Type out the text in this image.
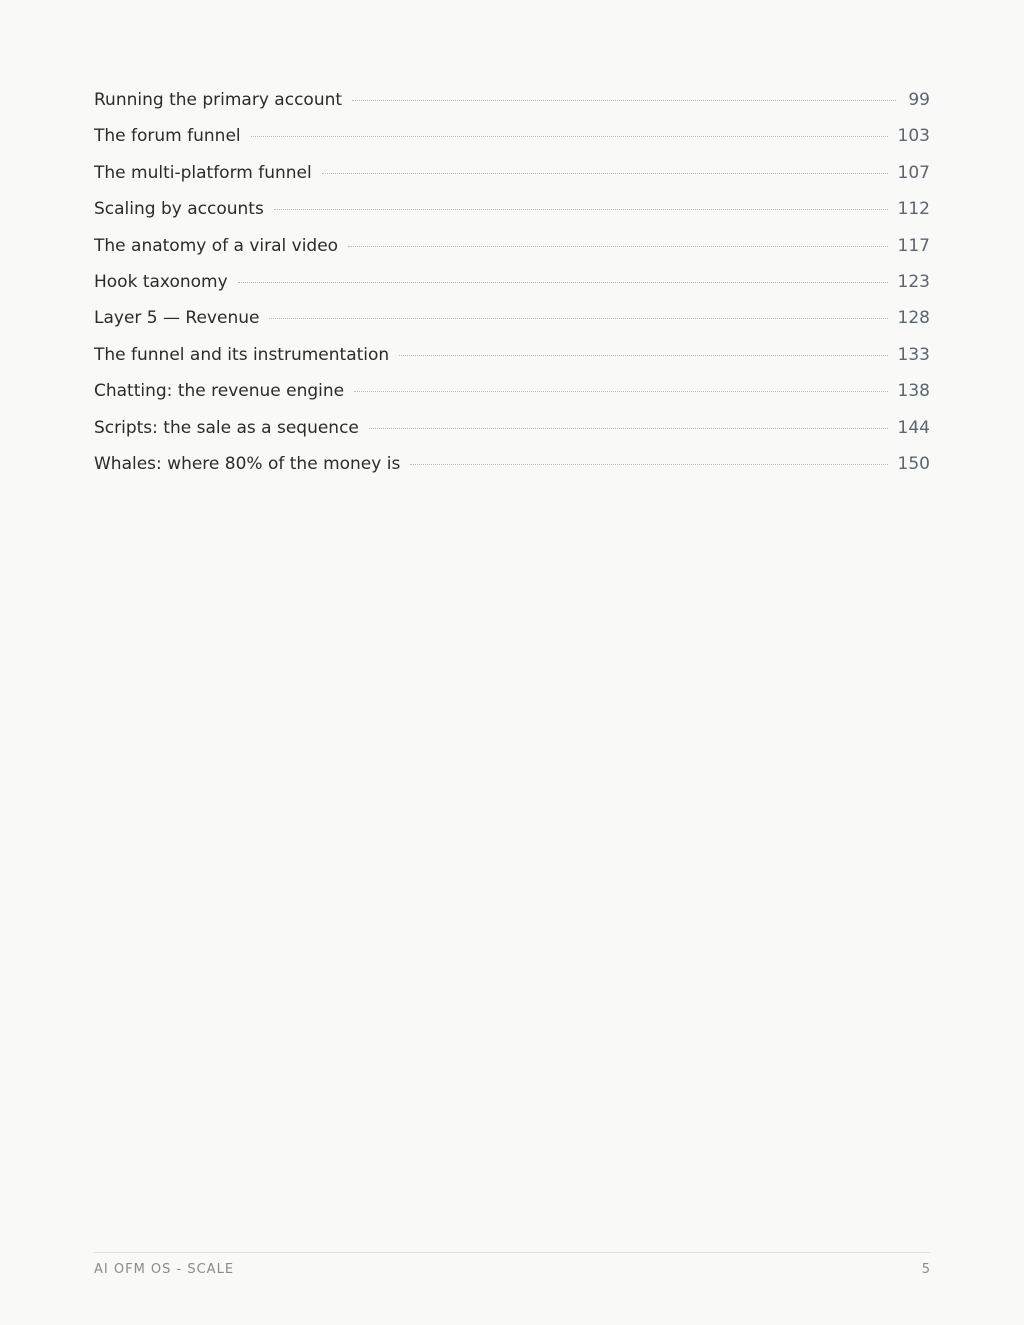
Running the primary account	99
The forum funnel	103
The multi-platform funnel	107
Scaling by accounts	112
The anatomy of a viral video	117
Hook taxonomy	123
Layer 5 — Revenue	128
The funnel and its instrumentation	133
Chatting: the revenue engine	138
Scripts: the sale as a sequence	144
Whales: where 80% of the money is	150
AI OFM OS - SCALE	5
